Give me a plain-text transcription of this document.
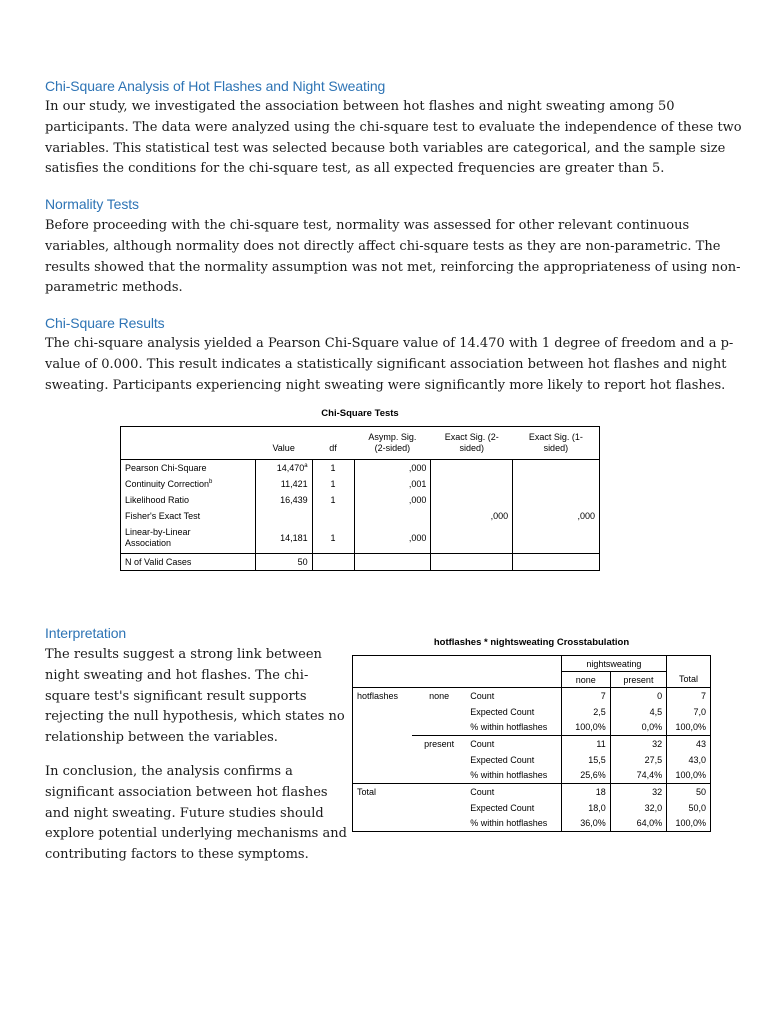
Chi-Square Analysis of Hot Flashes and Night Sweating
In our study, we investigated the association between hot flashes and night sweating among 50
participants. The data were analyzed using the chi-square test to evaluate the independence of these two
variables. This statistical test was selected because both variables are categorical, and the sample size
satisfies the conditions for the chi-square test, as all expected frequencies are greater than 5.
Normality Tests
Before proceeding with the chi-square test, normality was assessed for other relevant continuous
variables, although normality does not directly affect chi-square tests as they are non-parametric. The
results showed that the normality assumption was not met, reinforcing the appropriateness of using non-
parametric methods.
Chi-Square Results
The chi-square analysis yielded a Pearson Chi-Square value of 14.470 with 1 degree of freedom and a p-
value of 0.000. This result indicates a statistically significant association between hot flashes and night
sweating. Participants experiencing night sweating were significantly more likely to report hot flashes.
Chi-Square Tests

Value	df	Asymp. Sig.
(2-sided)	Exact Sig. (2-
sided)	Exact Sig. (1-
sided)
Pearson Chi-Square	14,470$^a$	1	,000		
Continuity Correction$^b$	11,421	1	,001		
Likelihood Ratio	16,439	1	,000		
Fisher's Exact Test				,000	,000
Linear-by-Linear
Association	14,181	1	,000		
N of Valid Cases	50				
Interpretation
The results suggest a strong link between
night sweating and hot flashes. The chi-
square test's significant result supports
rejecting the null hypothesis, which states no
relationship between the variables.
In conclusion, the analysis confirms a
significant association between hot flashes
and night sweating. Future studies should
explore potential underlying mechanisms and
contributing factors to these symptoms.
hotflashes * nightsweating Crosstabulation
			nightsweating		
			none	present	Total
hotflashes	none	Count	7	0	7
		Expected Count	2,5	4,5	7,0
		% within hotflashes	100,0%	0,0%	100,0%
	present	Count	11	32	43
		Expected Count	15,5	27,5	43,0
		% within hotflashes	25,6%	74,4%	100,0%
Total		Count	18	32	50
		Expected Count	18,0	32,0	50,0
		% within hotflashes	36,0%	64,0%	100,0%
